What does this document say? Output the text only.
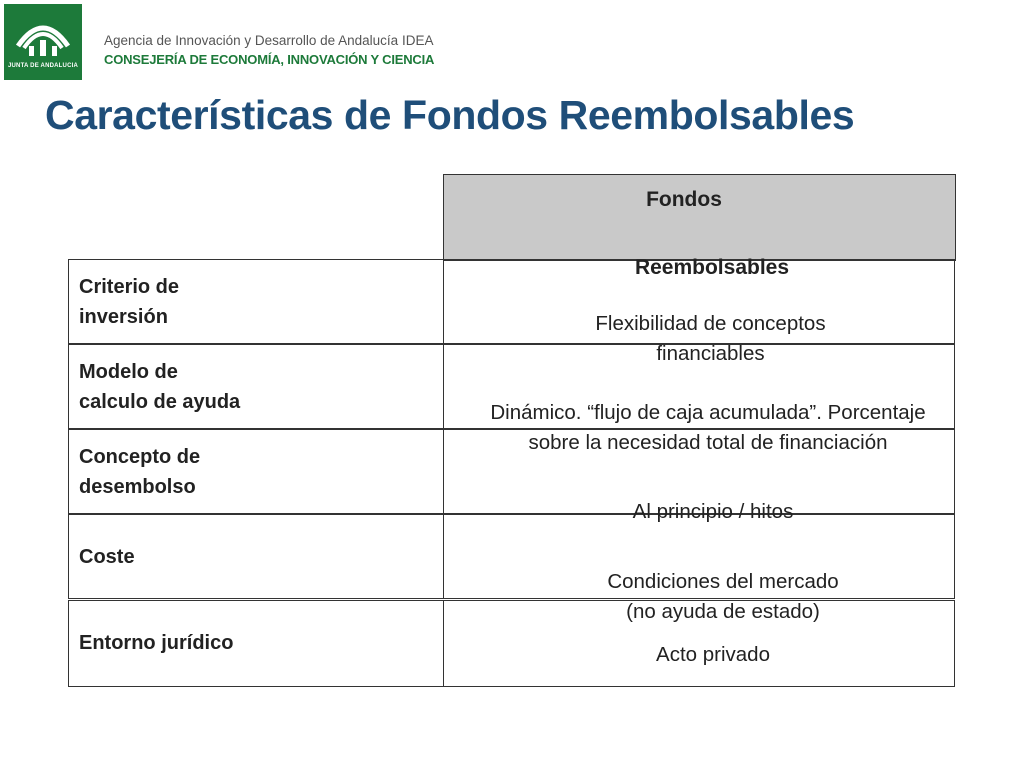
JUNTA DE ANDALUCIA
Agencia de Innovación y Desarrollo de Andalucía IDEA
CONSEJERÍA DE ECONOMÍA, INNOVACIÓN Y CIENCIA
Características de Fondos Reembolsables
Fondos
Criterio de
inversión
Modelo de
calculo de ayuda
Concepto de
desembolso
Coste
Entorno jurídico
Reembolsables
Flexibilidad de conceptos
financiables
Dinámico. “flujo de caja acumulada”. Porcentaje
sobre la necesidad total de financiación
Al principio / hitos
Condiciones del mercado
(no ayuda de estado)
Acto privado
